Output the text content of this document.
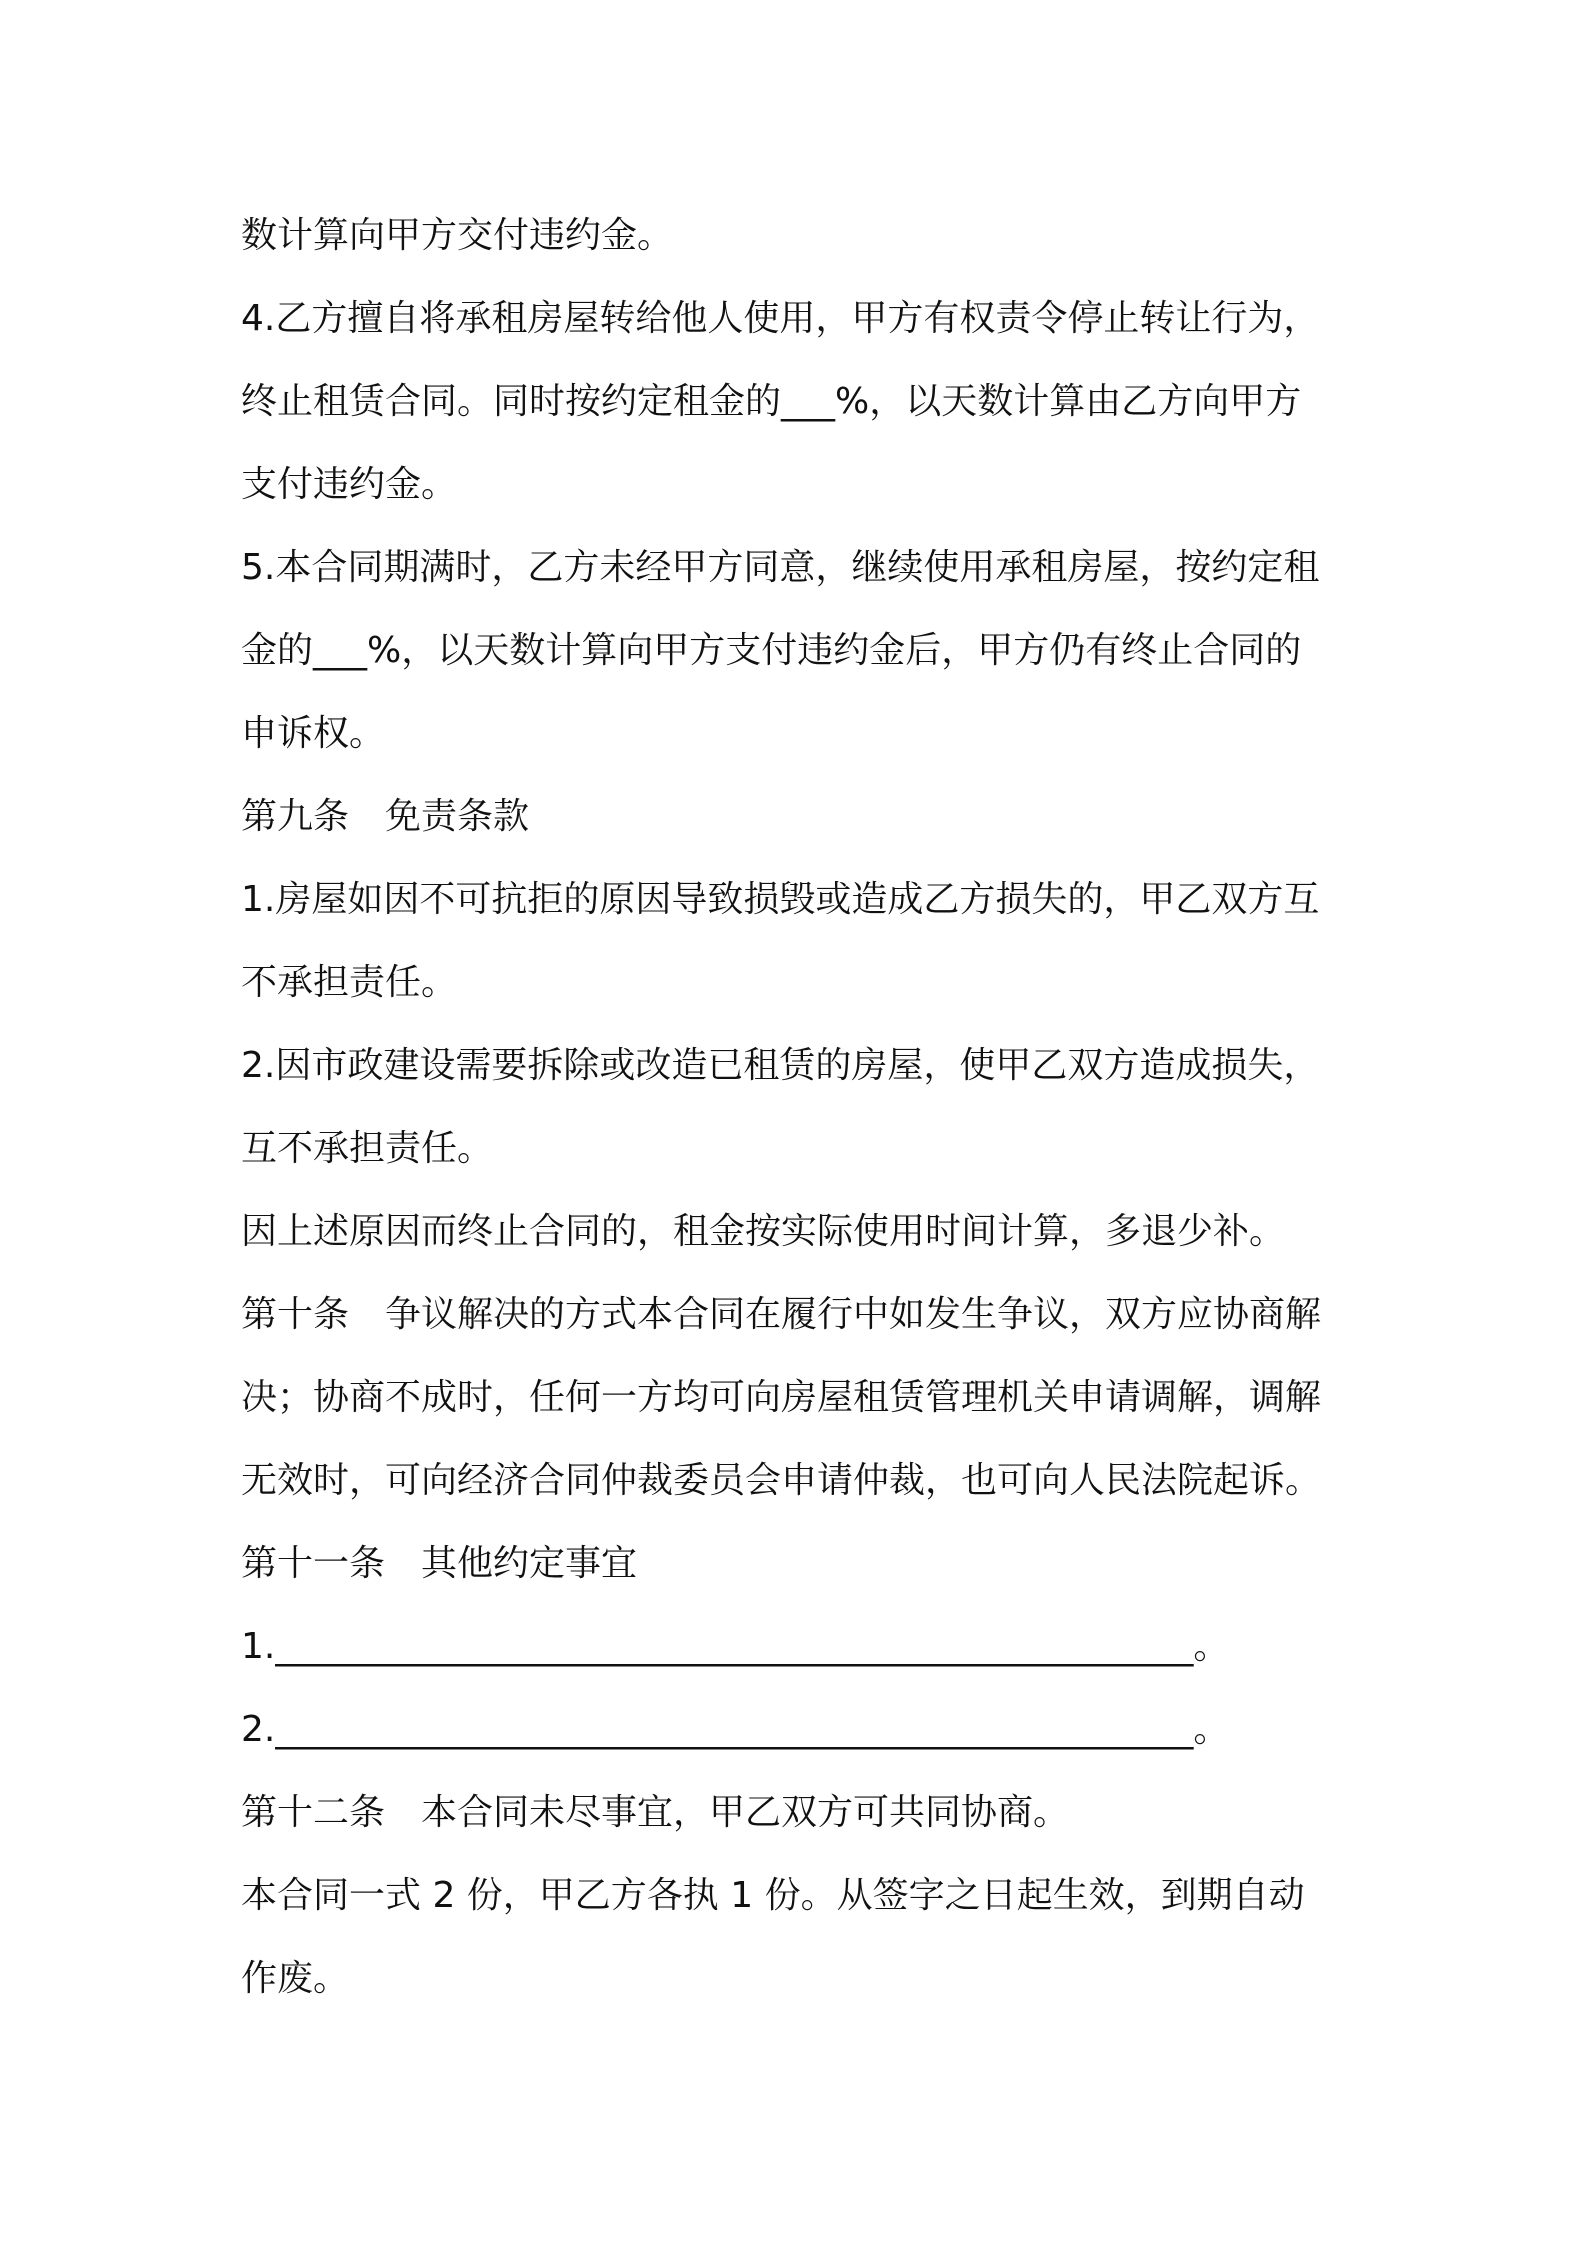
数计算向甲方交付违约金。
4.乙方擅自将承租房屋转给他人使用，甲方有权责令停止转让行为，
终止租赁合同。同时按约定租金的___%，以天数计算由乙方向甲方
支付违约金。
5.本合同期满时，乙方未经甲方同意，继续使用承租房屋，按约定租
金的___%，以天数计算向甲方支付违约金后，甲方仍有终止合同的
申诉权。
第九条　免责条款
1.房屋如因不可抗拒的原因导致损毁或造成乙方损失的，甲乙双方互
不承担责任。
2.因市政建设需要拆除或改造已租赁的房屋，使甲乙双方造成损失，
互不承担责任。
因上述原因而终止合同的，租金按实际使用时间计算，多退少补。
第十条　争议解决的方式本合同在履行中如发生争议，双方应协商解
决；协商不成时，任何一方均可向房屋租赁管理机关申请调解，调解
无效时，可向经济合同仲裁委员会申请仲裁，也可向人民法院起诉。
第十一条　其他约定事宜
1.___________________________________________________。
2.___________________________________________________。
第十二条　本合同未尽事宜，甲乙双方可共同协商。
本合同一式 2 份，甲乙方各执 1 份。从签字之日起生效，到期自动
作废。
